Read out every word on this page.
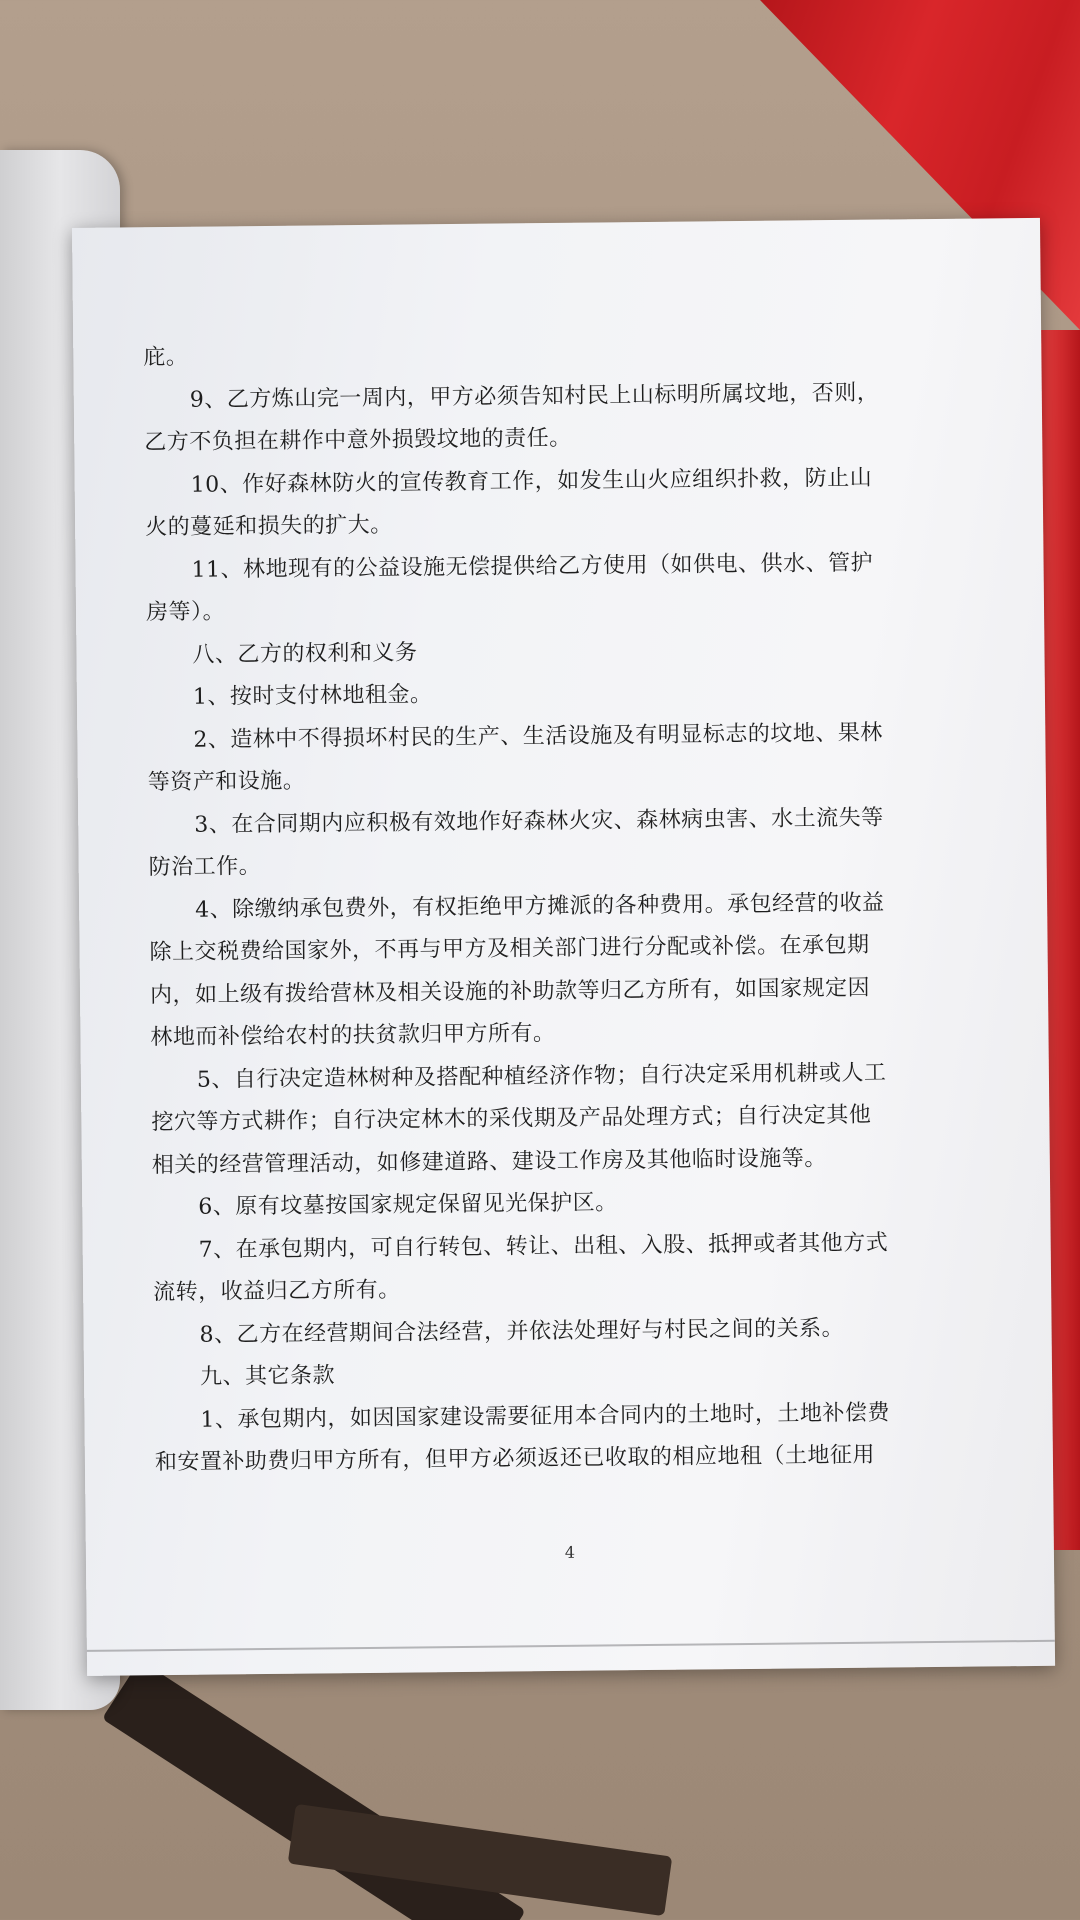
庇。

9、乙方炼山完一周内，甲方必须告知村民上山标明所属坟地，否则，

乙方不负担在耕作中意外损毁坟地的责任。

10、作好森林防火的宣传教育工作，如发生山火应组织扑救，防止山

火的蔓延和损失的扩大。

11、林地现有的公益设施无偿提供给乙方使用（如供电、供水、管护

房等）。

八、乙方的权利和义务

1、按时支付林地租金。

2、造林中不得损坏村民的生产、生活设施及有明显标志的坟地、果林

等资产和设施。

3、在合同期内应积极有效地作好森林火灾、森林病虫害、水土流失等

防治工作。

4、除缴纳承包费外，有权拒绝甲方摊派的各种费用。承包经营的收益

除上交税费给国家外，不再与甲方及相关部门进行分配或补偿。在承包期

内，如上级有拨给营林及相关设施的补助款等归乙方所有，如国家规定因

林地而补偿给农村的扶贫款归甲方所有。

5、自行决定造林树种及搭配种植经济作物；自行决定采用机耕或人工

挖穴等方式耕作；自行决定林木的采伐期及产品处理方式；自行决定其他

相关的经营管理活动，如修建道路、建设工作房及其他临时设施等。

6、原有坟墓按国家规定保留见光保护区。

7、在承包期内，可自行转包、转让、出租、入股、抵押或者其他方式

流转，收益归乙方所有。

8、乙方在经营期间合法经营，并依法处理好与村民之间的关系。

九、其它条款

1、承包期内，如因国家建设需要征用本合同内的土地时，土地补偿费

和安置补助费归甲方所有，但甲方必须返还已收取的相应地租（土地征用

4
